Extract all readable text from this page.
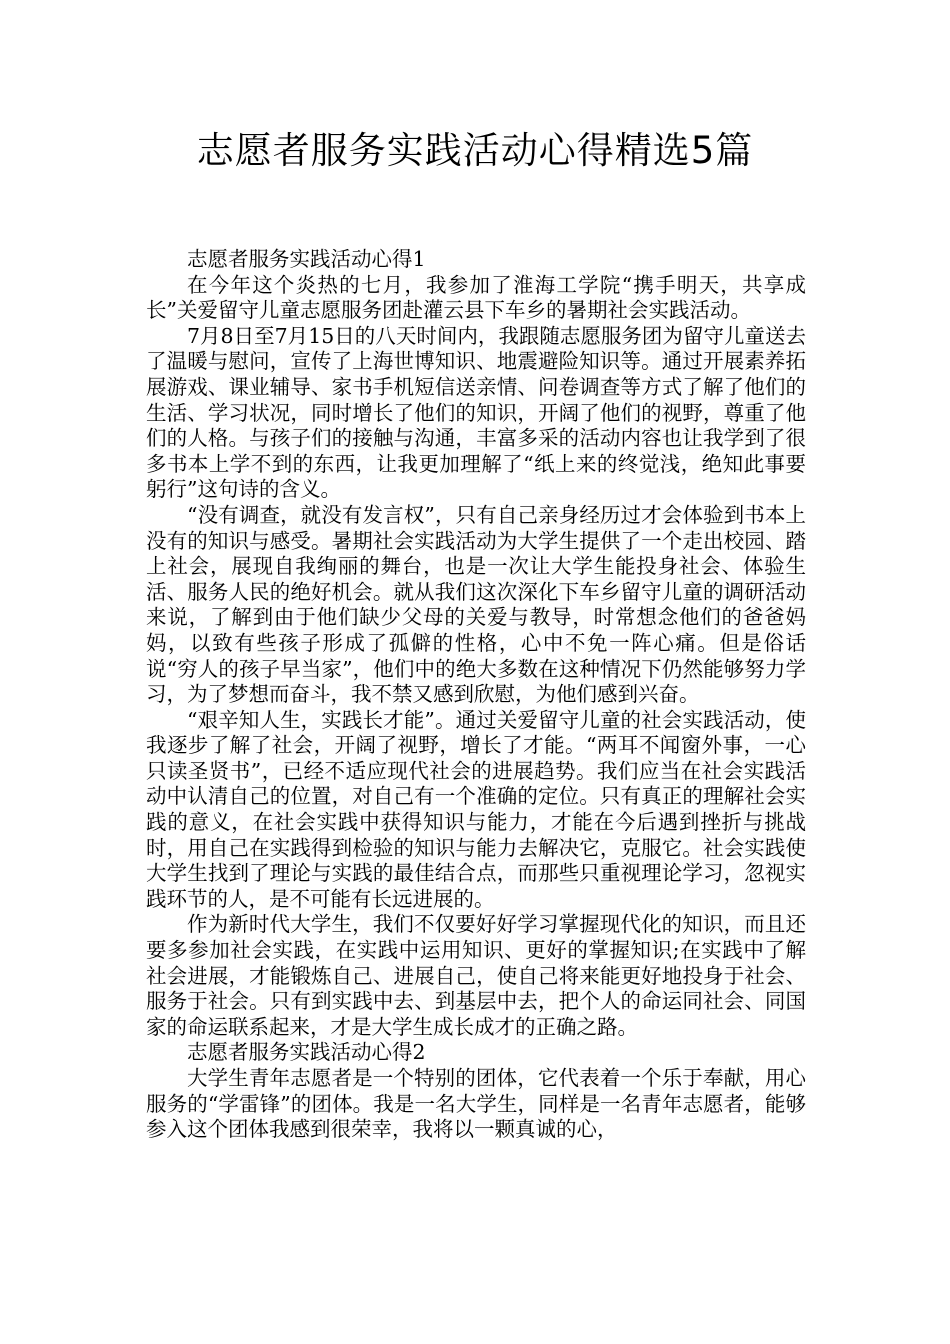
志愿者服务实践活动心得精选5篇

志愿者服务实践活动心得1

在今年这个炎热的七月，我参加了淮海工学院“携手明天，共享成长”关爱留守儿童志愿服务团赴灌云县下车乡的暑期社会实践活动。

7月8日至7月15日的八天时间内，我跟随志愿服务团为留守儿童送去了温暖与慰问，宣传了上海世博知识、地震避险知识等。通过开展素养拓展游戏、课业辅导、家书手机短信送亲情、问卷调查等方式了解了他们的生活、学习状况，同时增长了他们的知识，开阔了他们的视野，尊重了他们的人格。与孩子们的接触与沟通，丰富多采的活动内容也让我学到了很多书本上学不到的东西，让我更加理解了“纸上来的终觉浅，绝知此事要躬行”这句诗的含义。

“没有调查，就没有发言权”，只有自己亲身经历过才会体验到书本上没有的知识与感受。暑期社会实践活动为大学生提供了一个走出校园、踏上社会，展现自我绚丽的舞台，也是一次让大学生能投身社会、体验生活、服务人民的绝好机会。就从我们这次深化下车乡留守儿童的调研活动来说，了解到由于他们缺少父母的关爱与教导，时常想念他们的爸爸妈妈，以致有些孩子形成了孤僻的性格，心中不免一阵心痛。但是俗话说“穷人的孩子早当家”，他们中的绝大多数在这种情况下仍然能够努力学习，为了梦想而奋斗，我不禁又感到欣慰，为他们感到兴奋。

“艰辛知人生，实践长才能”。通过关爱留守儿童的社会实践活动，使我逐步了解了社会，开阔了视野，增长了才能。“两耳不闻窗外事，一心只读圣贤书”，已经不适应现代社会的进展趋势。我们应当在社会实践活动中认清自己的位置，对自己有一个准确的定位。只有真正的理解社会实践的意义，在社会实践中获得知识与能力，才能在今后遇到挫折与挑战时，用自己在实践得到检验的知识与能力去解决它，克服它。社会实践使大学生找到了理论与实践的最佳结合点，而那些只重视理论学习，忽视实践环节的人，是不可能有长远进展的。

作为新时代大学生，我们不仅要好好学习掌握现代化的知识，而且还要多参加社会实践，在实践中运用知识、更好的掌握知识;在实践中了解社会进展，才能锻炼自己、进展自己，使自己将来能更好地投身于社会、服务于社会。只有到实践中去、到基层中去，把个人的命运同社会、同国家的命运联系起来，才是大学生成长成才的正确之路。

志愿者服务实践活动心得2

大学生青年志愿者是一个特别的团体，它代表着一个乐于奉献，用心服务的“学雷锋”的团体。我是一名大学生，同样是一名青年志愿者，能够参入这个团体我感到很荣幸，我将以一颗真诚的心，
